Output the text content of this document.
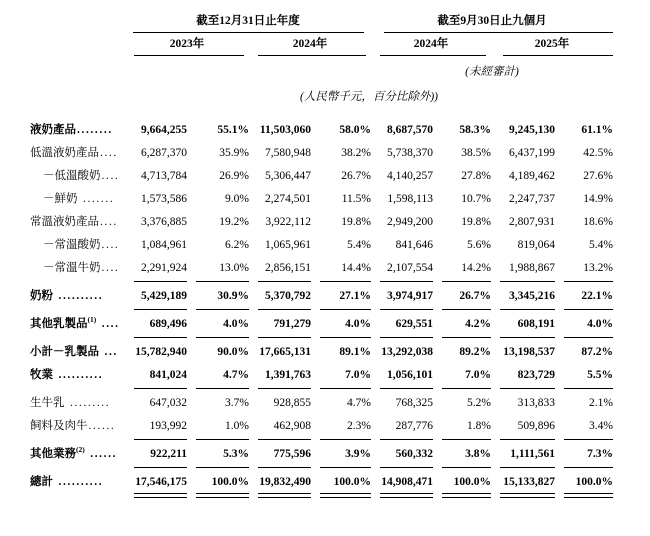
	截至12月31日止年度				截至9月30日止九個月			
	2023年		2024年		2024年		2025年	
					(未經審計)			
	(人民幣千元，百分比除外))							
液奶產品........	9,664,255	55.1%	11,503,060	58.0%	8,687,570	58.3%	9,245,130	61.1%
低溫液奶產品....	6,287,370	35.9%	7,580,948	38.2%	5,738,370	38.5%	6,437,199	42.5%
－低溫酸奶....	4,713,784	26.9%	5,306,447	26.7%	4,140,257	27.8%	4,189,462	27.6%
－鮮奶 .......	1,573,586	9.0%	2,274,501	11.5%	1,598,113	10.7%	2,247,737	14.9%
常溫液奶產品....	3,376,885	19.2%	3,922,112	19.8%	2,949,200	19.8%	2,807,931	18.6%
－常溫酸奶....	1,084,961	6.2%	1,065,961	5.4%	841,646	5.6%	819,064	5.4%
－常溫牛奶....	2,291,924	13.0%	2,856,151	14.4%	2,107,554	14.2%	1,988,867	13.2%
奶粉 ..........	5,429,189	30.9%	5,370,792	27.1%	3,974,917	26.7%	3,345,216	22.1%
其他乳製品$^{(1)}$ ....	689,496	4.0%	791,279	4.0%	629,551	4.2%	608,191	4.0%
小計－乳製品 ...	15,782,940	90.0%	17,665,131	89.1%	13,292,038	89.2%	13,198,537	87.2%
牧業 ..........	841,024	4.7%	1,391,763	7.0%	1,056,101	7.0%	823,729	5.5%
生牛乳 .........	647,032	3.7%	928,855	4.7%	768,325	5.2%	313,833	2.1%
飼料及肉牛......	193,992	1.0%	462,908	2.3%	287,776	1.8%	509,896	3.4%
其他業務$^{(2)}$ ......	922,211	5.3%	775,596	3.9%	560,332	3.8%	1,111,561	7.3%
總計 ..........	17,546,175	100.0%	19,832,490	100.0%	14,908,471	100.0%	15,133,827	100.0%
